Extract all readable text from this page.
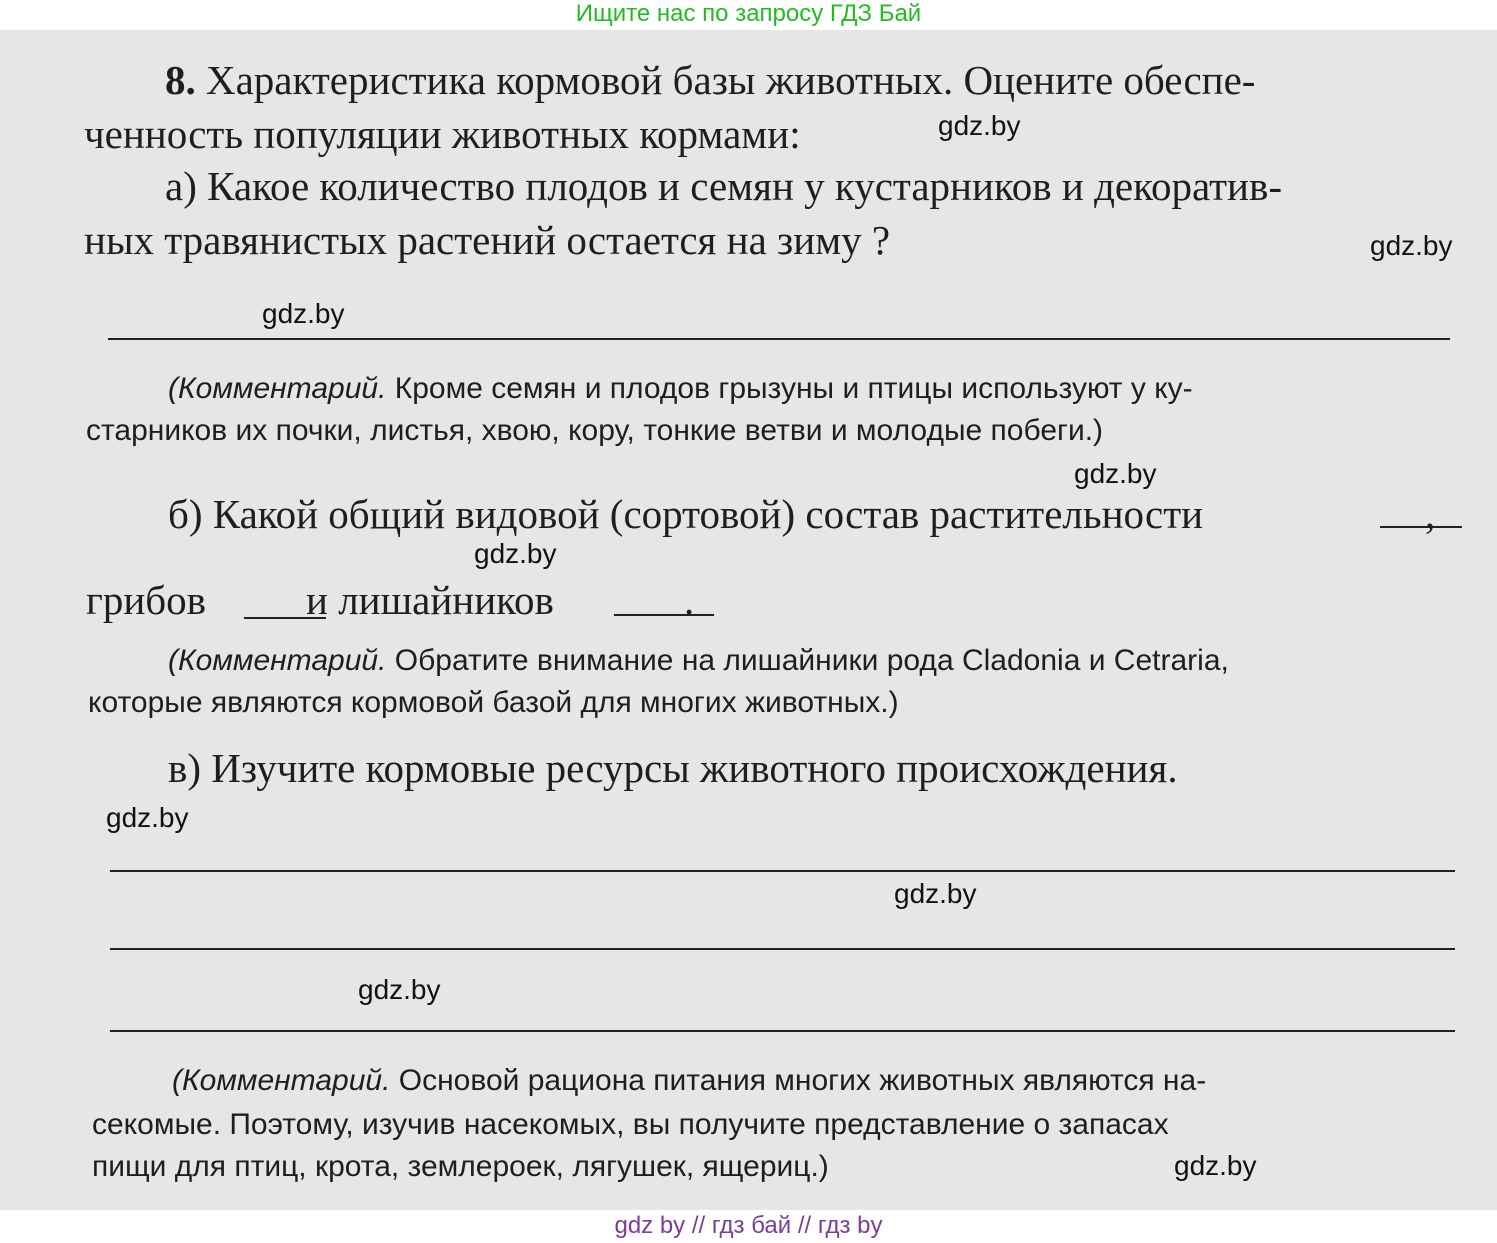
Ищите нас по запросу ГДЗ Бай
8. Характеристика кормовой базы животных. Оцените обеспе-
ченность популяции животных кормами:
а) Какое количество плодов и семян у кустарников и декоратив-
ных травянистых растений остается на зиму ?
(Комментарий. Кроме семян и плодов грызуны и птицы используют у ку-
старников их почки, листья, хвою, кору, тонкие ветви и молодые побеги.)
б) Какой общий видовой (сортовой) состав растительности	,
грибов и лишайников	.
(Комментарий. Обратите внимание на лишайники рода Cladonia и Cetraria,
которые являются кормовой базой для многих животных.)
в) Изучите кормовые ресурсы животного происхождения.
(Комментарий. Основой рациона питания многих животных являются на-
секомые. Поэтому, изучив насекомых, вы получите представление о запасах
пищи для птиц, крота, землероек, лягушек, ящериц.)
gdz.by
gdz.by
gdz.by
gdz.by
gdz.by
gdz.by
gdz.by
gdz.by
gdz.by
gdz by // гдз бай // гдз by
